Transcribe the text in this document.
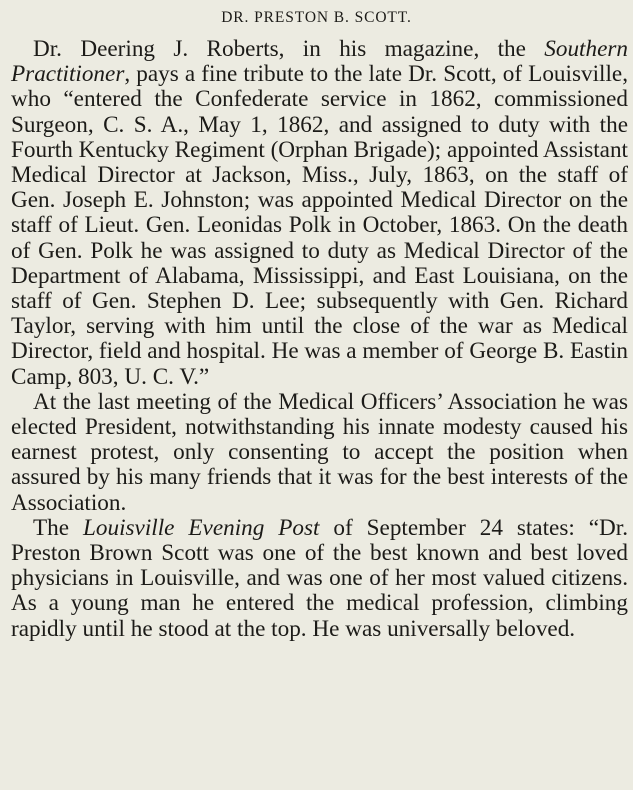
DR. PRESTON B. SCOTT.

Dr. Deering J. Roberts, in his magazine, the Southern Practitioner, pays a fine tribute to the late Dr. Scott, of Louisville, who “entered the Confederate service in 1862, commissioned Surgeon, C. S. A., May 1, 1862, and assigned to duty with the Fourth Kentucky Regiment (Orphan Brigade); appointed Assistant Medical Director at Jackson, Miss., July, 1863, on the staff of Gen. Joseph E. Johnston; was appointed Medical Director on the staff of Lieut. Gen. Leonidas Polk in October, 1863. On the death of Gen. Polk he was assigned to duty as Medical Director of the Department of Alabama, Mississippi, and East Louisiana, on the staff of Gen. Stephen D. Lee; subsequently with Gen. Richard Taylor, serving with him until the close of the war as Medical Director, field and hospital. He was a member of George B. Eastin Camp, 803, U. C. V.”

At the last meeting of the Medical Officers’ Association he was elected President, notwithstanding his innate modesty caused his earnest protest, only consenting to accept the position when assured by his many friends that it was for the best interests of the Association.

The Louisville Evening Post of September 24 states: “Dr. Preston Brown Scott was one of the best known and best loved physicians in Louisville, and was one of her most valued citizens. As a young man he entered the medical profession, climbing rapidly until he stood at the top. He was universally beloved.
